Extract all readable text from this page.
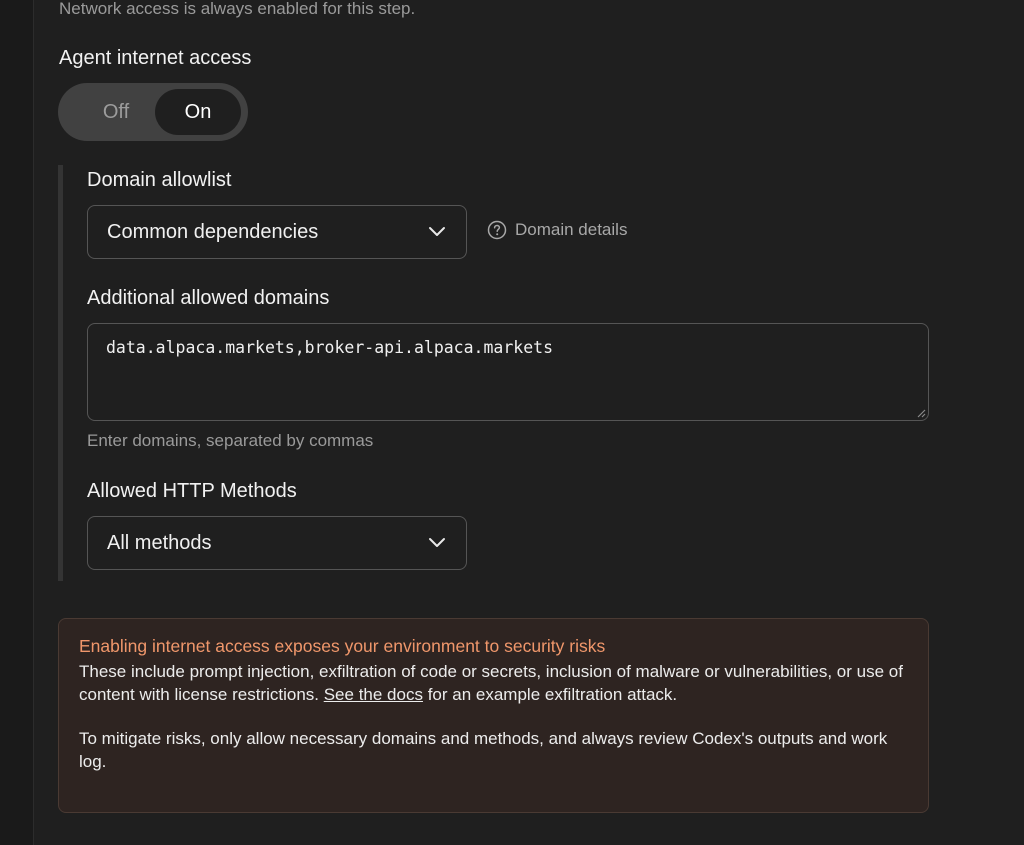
Network access is always enabled for this step.
Agent internet access
Off	On
Domain allowlist
Common dependencies	Domain details
Additional allowed domains
data.alpaca.markets,broker-api.alpaca.markets
Enter domains, separated by commas
Allowed HTTP Methods
All methods
Enabling internet access exposes your environment to security risks

These include prompt injection, exfiltration of code or secrets, inclusion of malware or vulnerabilities, or use of content with license restrictions. See the docs for an example exfiltration attack.

To mitigate risks, only allow necessary domains and methods, and always review Codex's outputs and work log.
